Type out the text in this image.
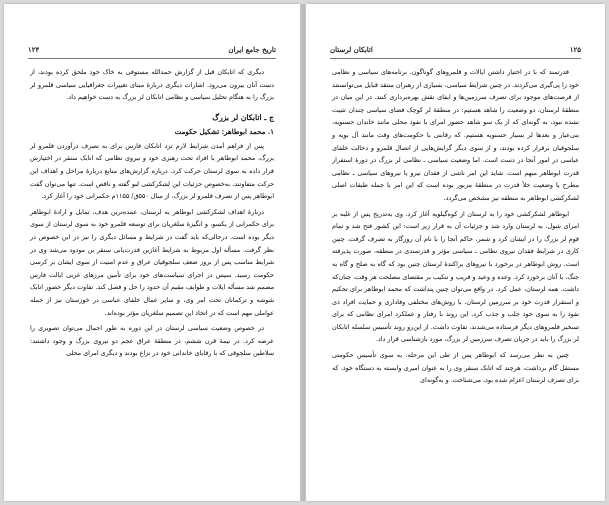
۱۲۴	تاریخ جامع ایران

دیگری که اتابکان قبل از گزارش حمدالله مستوفی به خاک خود ملحق کرده بودند، از دست آنان بیرون می‌رود. اشارات دیگری دربارهٔ مبنای تغییرات جغرافیایی سیاسی قلمرو لر بزرگ را به هنگام تحلیل سیاسی و نظامی اتابکان لر بزرگ به دست خواهیم داد.

ج ـ اتابکان لر بزرگ
۱. محمد ابوطاهر: تشکیل حکومت

پس از فراهم آمدن شرایط لازم تزد اتابکان فارس برای به تصرف درآوردن قلمرو لر بزرگ، محمد ابوطاهر با افراد تحت رهبری خود و نیروی نظامی که اتابک سنقر در اختیارش قرار داده به سوی لرستان حرکت کرد. درباره گزارش‌های منابع دربارهٔ مراحل و اهداف این حرکت متفاوتند، به‌خصوص جزئیات این لشکرکشی لبو گفته و ناقص است. تنها می‌توان گفت ابوطاهر پس از تصرف قلمرو لر بزرگ، از سال ۵۵۰ق/ ۱۱۵۵م حکمرانی خود را آغاز کرد.

دربارهٔ اهداف لشکرکشی ابوطاهر به لرستان، عمده‌ترین هدف، تمایل و ارادهٔ ابوطاهر برای حکمرانی از یکسو، و انگیزهٔ سلغریان برای توسعه قلمرو خود به سوی لرستان از سوی دیگر بوده است. درحالی‌که باید گفت در شرایط و مسائل دیگری را نیز در این خصوص در نظر گرفت. مسأله اول مربوط به شرایط آغازین قدرت‌یابی سنقر بن مودود می‌شد وی در شرایط مناسب پس از بروز ضعف سلجوقیان عراق و عدم امنیت از سوی ایشان بر کرسی حکومت رسید. سپس در اجرای سیاست‌های خود برای تأمین مرزهای غربی ایالت فارس مصمم شد مسأله ایلات و طوایف مقیم آن حدود را حل و فصل کند. تفاوت دیگر حضور اتابک شوشه و ترکمانان تحت امر وی، و سایر عمال خلفای عباسی در خوزستان نیز از جمله عواملی مهم است که در اتخاذ این تصمیم سلغریان مؤثر بوده‌اند.

در خصوص وضعیت سیاسی لرستان در این دوره به طور اجمال می‌توان تصویری را عرضه کرد. در نیمهٔ قرن ششم، در منطقهٔ عراق عجم دو نیروی بزرگ و ‌وجود داشتند: سلاطین سلجوقی که با رقابای خاندانی خود در نزاع بودند و دیگری امرای محلی

۱۲۵
اتابکان لرستان

قدرتمند که با در اختیار داشتن ایالات و قلمروهای گوناگون، برنامه‌های سیاسی و نظامی خود را پی‌گیری می‌کردند. در چنین شرایط سیاسی، بسیاری از رهبران منتقد قبایل می‌توانستند از فرصت‌های موجود برای تصرف سرزمین‌ها و ایفای نقش بهره‌برداری کنند. در این میان در منطقهٔ لرستان، دو وضعیت را شاهد هستیم: در منطقهٔ لر کوچک فضای سیاسی چندان تثبیت نشده نبود، به گونه‌ای که از یک سو شاهد حضور امرای با نفوذ محلی مانند خاندان حسنویه، بنی‌عیار و بعدها لر بسیار حسنویه هستیم. که رقابتی با حکومت‌های وقت مانند آل بویه و سلجوقیان برقرار کرده بودند، و از سوی دیگر گرایش‌هایی از اتصال قلمرو و دخالت خلفای عباسی در امور آنجا در دست است. اما وضعیت سیاسی ـ نظامی لر بزرگ در دورهٔ استقرار قدرت ابوطاهر مبهم است. شاید این امر ناشی از فقدان نیرو یا نیروهای سیاسی ـ نظامی مطرح یا وضعیت خلأ قدرت در منطقهٔ مزبور بوده است که این امر با جمله طبقات اصلی لشکرکشی ابوطاهر به منطقه نیز مشخص می‌گردد.

ابوطاهر لشکرکشی خود را به لرستان از کوه‌گیلویه آغاز کرد. وی به‌تدریج پس از غلبه بر امرای شول، به لرستان وارد شد و جزئیات آن به قرار زیر است: این کشور فتح شد و تمام قوم لر بزرگ را در ایشان کرد و شمر، حاکم آنجا را با نام آن روزگار به تصرف گرفت. چنین کاری در شرایط فقدان نیروی نظامی ـ سیاسی مؤثر و قدرتمندی در منطقه، صورت پذیرفته است. روش ابوطاهر در برخورد با نیروهای پراکندهٔ لرستان چنین بود که گاه به صلح و گاه به جنگ، با آنان برخورد کرد. وعده و وعید و فریب و تنکیب بر مقتضای مصلحت هر وقت، چنان‌که داشت. همه لرستان، عمل کرد. در واقع می‌توان چنین پنداشت که محمد ابوطاهر برای تحکیم و استقرار قدرت خود بر سرزمین لرستان، با روش‌های مختلفی وفاداری و حمایت افراد ذی نفوذ را به سوی خود جلب و جذب کرد. این روند با رفتار و عملکرد امرای نظامی که برای تسخیر قلمروهای دیگر فرستاده می‌شدند، تفاوت داشت. از این‌رو روند تأسیس سلسله اتابکان لر بزرگ را باید در جریان تصرف سرزمین لر بزرگ، مورد بازشناسی قرار داد.

چنین به نظر می‌رسد که ابوطاهر پس از طی این مرحله، به سوی تأسیس حکومتی مستقل گام برداشت، هرچند که اتابک سنقر وی را به عنوان امیری وابسته به دستگاه خود، که برای تصرف لرستان اعزام شده بود، می‌شناخت. و به‌گونه‌ای
